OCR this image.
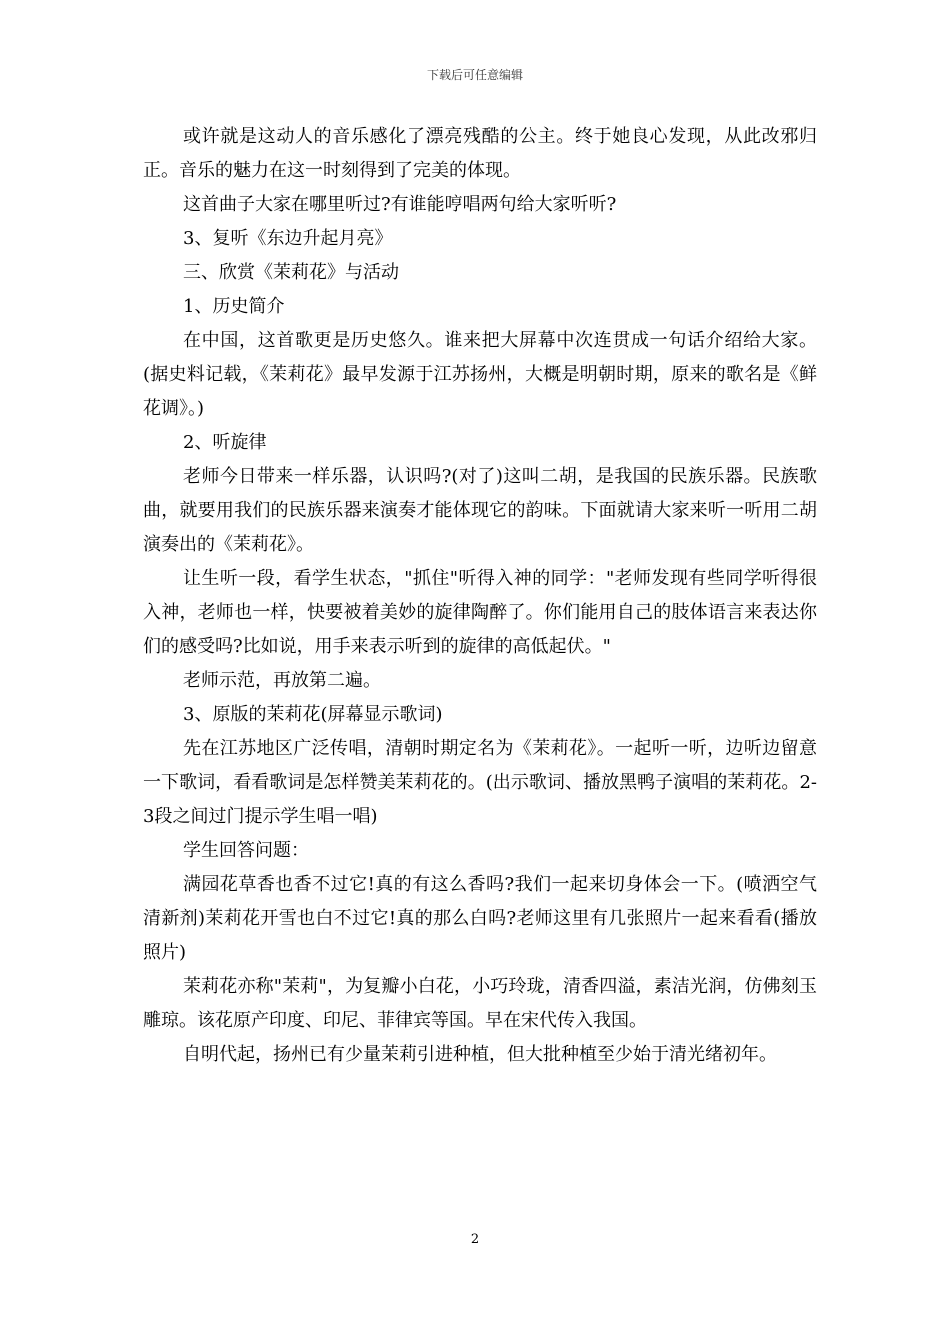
下载后可任意编辑

或许就是这动人的音乐感化了漂亮残酷的公主。终于她良心发现，从此改邪归正。音乐的魅力在这一时刻得到了完美的体现。

这首曲子大家在哪里听过?有谁能哼唱两句给大家听听?

3、复听《东边升起月亮》

三、欣赏《茉莉花》与活动

1、历史简介

在中国，这首歌更是历史悠久。谁来把大屏幕中次连贯成一句话介绍给大家。(据史料记载，《茉莉花》最早发源于江苏扬州，大概是明朝时期，原来的歌名是《鲜花调》。)

2、听旋律

老师今日带来一样乐器，认识吗?(对了)这叫二胡，是我国的民族乐器。民族歌曲，就要用我们的民族乐器来演奏才能体现它的韵味。下面就请大家来听一听用二胡演奏出的《茉莉花》。

让生听一段，看学生状态，"抓住"听得入神的同学："老师发现有些同学听得很入神，老师也一样，快要被着美妙的旋律陶醉了。你们能用自己的肢体语言来表达你们的感受吗?比如说，用手来表示听到的旋律的高低起伏。"

老师示范，再放第二遍。

3、原版的茉莉花(屏幕显示歌词)

先在江苏地区广泛传唱，清朝时期定名为《茉莉花》。一起听一听，边听边留意一下歌词，看看歌词是怎样赞美茉莉花的。(出示歌词、播放黑鸭子演唱的茉莉花。2-3段之间过门提示学生唱一唱)

学生回答问题：

满园花草香也香不过它!真的有这么香吗?我们一起来切身体会一下。(喷洒空气清新剂)茉莉花开雪也白不过它!真的那么白吗?老师这里有几张照片一起来看看(播放照片)

茉莉花亦称"茉莉"，为复瓣小白花，小巧玲珑，清香四溢，素洁光润，仿佛刻玉雕琼。该花原产印度、印尼、菲律宾等国。早在宋代传入我国。

自明代起，扬州已有少量茉莉引进种植，但大批种植至少始于清光绪初年。

2
